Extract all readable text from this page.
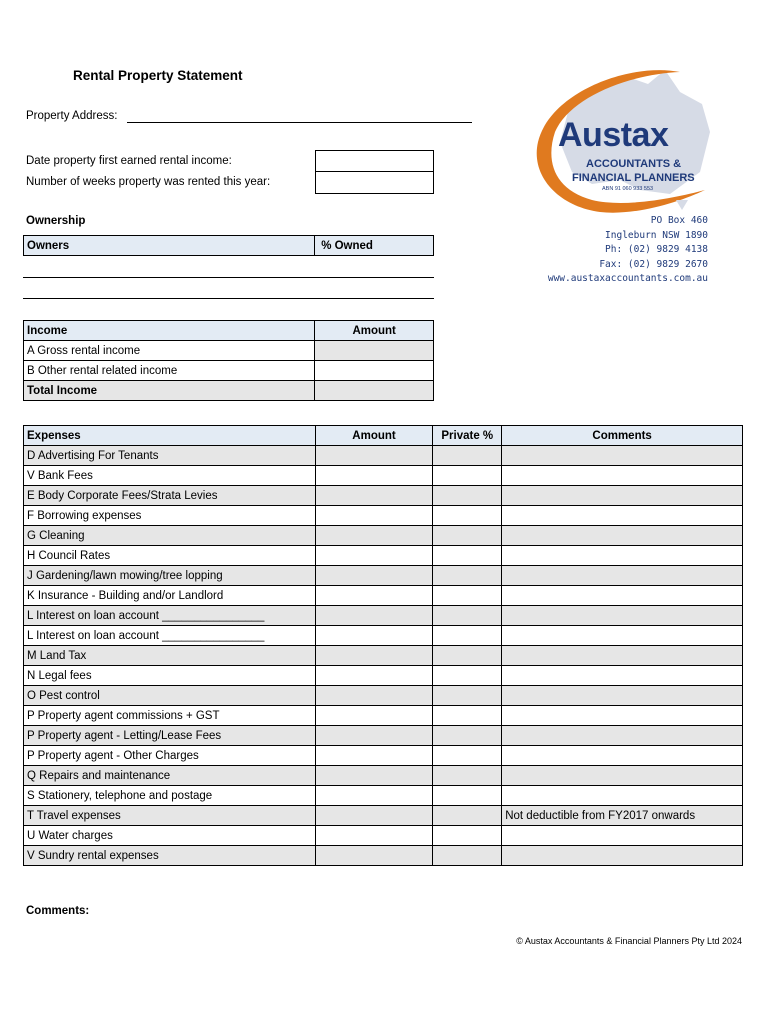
Rental Property Statement
Property Address:
Date property first earned rental income:
Number of weeks property was rented this year:
Austax
ACCOUNTANTS &
FINANCIAL PLANNERS
ABN 91 060 933 553
PO Box 460
Ingleburn NSW 1890
Ph: (02) 9829 4138
Fax: (02) 9829 2670
www.austaxaccountants.com.au
Ownership
Owners	% Owned
Income	Amount
A Gross rental income	
B Other rental related income	
Total Income	
Expenses	Amount	Private %	Comments
D Advertising For Tenants			
V Bank Fees			
E Body Corporate Fees/Strata Levies			
F Borrowing expenses			
G Cleaning			
H Council Rates			
J Gardening/lawn mowing/tree lopping			
K Insurance - Building and/or Landlord			
L Interest on loan account ________________			
L Interest on loan account ________________			
M Land Tax			
N Legal fees			
O Pest control			
P Property agent commissions + GST			
P Property agent - Letting/Lease Fees			
P Property agent - Other Charges			
Q Repairs and maintenance			
S Stationery, telephone and postage			
T Travel expenses			Not deductible from FY2017 onwards
U Water charges			
V Sundry rental expenses			
Comments:
© Austax Accountants & Financial Planners Pty Ltd 2024
